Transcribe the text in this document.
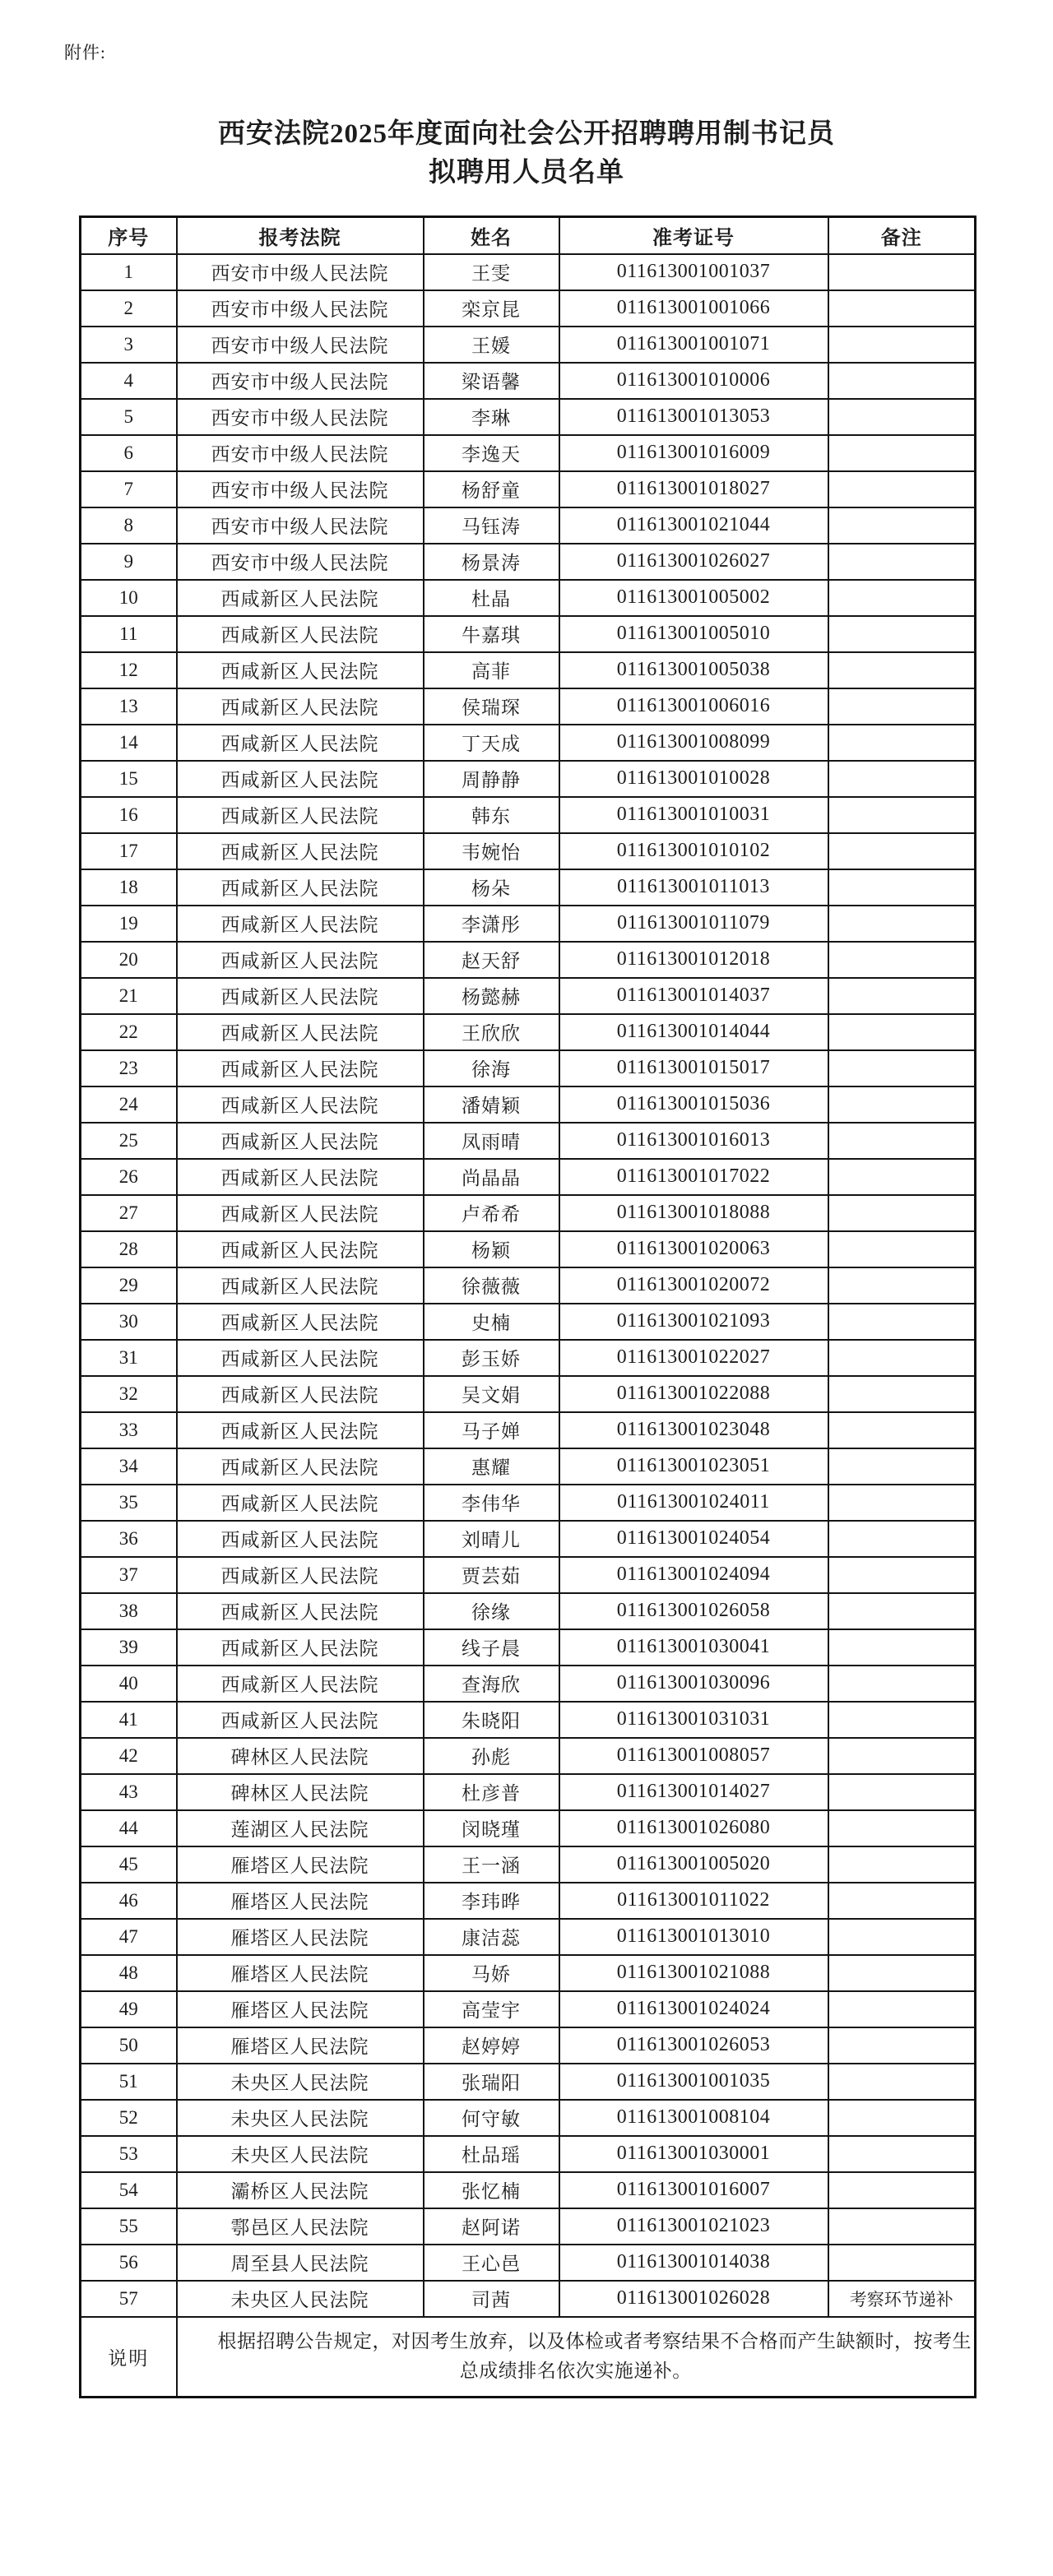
附件:
西安法院2025年度面向社会公开招聘聘用制书记员
拟聘用人员名单
序号	报考法院	姓名	准考证号	备注
1	西安市中级人民法院	王雯	011613001001037	
2	西安市中级人民法院	栾京昆	011613001001066	
3	西安市中级人民法院	王媛	011613001001071	
4	西安市中级人民法院	梁语馨	011613001010006	
5	西安市中级人民法院	李琳	011613001013053	
6	西安市中级人民法院	李逸天	011613001016009	
7	西安市中级人民法院	杨舒童	011613001018027	
8	西安市中级人民法院	马钰涛	011613001021044	
9	西安市中级人民法院	杨景涛	011613001026027	
10	西咸新区人民法院	杜晶	011613001005002	
11	西咸新区人民法院	牛嘉琪	011613001005010	
12	西咸新区人民法院	高菲	011613001005038	
13	西咸新区人民法院	侯瑞琛	011613001006016	
14	西咸新区人民法院	丁天成	011613001008099	
15	西咸新区人民法院	周静静	011613001010028	
16	西咸新区人民法院	韩东	011613001010031	
17	西咸新区人民法院	韦婉怡	011613001010102	
18	西咸新区人民法院	杨朵	011613001011013	
19	西咸新区人民法院	李潇彤	011613001011079	
20	西咸新区人民法院	赵天舒	011613001012018	
21	西咸新区人民法院	杨懿赫	011613001014037	
22	西咸新区人民法院	王欣欣	011613001014044	
23	西咸新区人民法院	徐海	011613001015017	
24	西咸新区人民法院	潘婧颖	011613001015036	
25	西咸新区人民法院	凤雨晴	011613001016013	
26	西咸新区人民法院	尚晶晶	011613001017022	
27	西咸新区人民法院	卢希希	011613001018088	
28	西咸新区人民法院	杨颖	011613001020063	
29	西咸新区人民法院	徐薇薇	011613001020072	
30	西咸新区人民法院	史楠	011613001021093	
31	西咸新区人民法院	彭玉娇	011613001022027	
32	西咸新区人民法院	吴文娟	011613001022088	
33	西咸新区人民法院	马子婵	011613001023048	
34	西咸新区人民法院	惠耀	011613001023051	
35	西咸新区人民法院	李伟华	011613001024011	
36	西咸新区人民法院	刘晴儿	011613001024054	
37	西咸新区人民法院	贾芸茹	011613001024094	
38	西咸新区人民法院	徐缘	011613001026058	
39	西咸新区人民法院	线子晨	011613001030041	
40	西咸新区人民法院	查海欣	011613001030096	
41	西咸新区人民法院	朱晓阳	011613001031031	
42	碑林区人民法院	孙彪	011613001008057	
43	碑林区人民法院	杜彦普	011613001014027	
44	莲湖区人民法院	闵晓瑾	011613001026080	
45	雁塔区人民法院	王一涵	011613001005020	
46	雁塔区人民法院	李玮晔	011613001011022	
47	雁塔区人民法院	康洁蕊	011613001013010	
48	雁塔区人民法院	马娇	011613001021088	
49	雁塔区人民法院	高莹宇	011613001024024	
50	雁塔区人民法院	赵婷婷	011613001026053	
51	未央区人民法院	张瑞阳	011613001001035	
52	未央区人民法院	何守敏	011613001008104	
53	未央区人民法院	杜品瑶	011613001030001	
54	灞桥区人民法院	张忆楠	011613001016007	
55	鄠邑区人民法院	赵阿诺	011613001021023	
56	周至县人民法院	王心邑	011613001014038	
57	未央区人民法院	司茜	011613001026028	考察环节递补
说明	根据招聘公告规定，对因考生放弃，以及体检或者考察结果不合格而产生缺额时，按考生总成绩排名依次实施递补。			
